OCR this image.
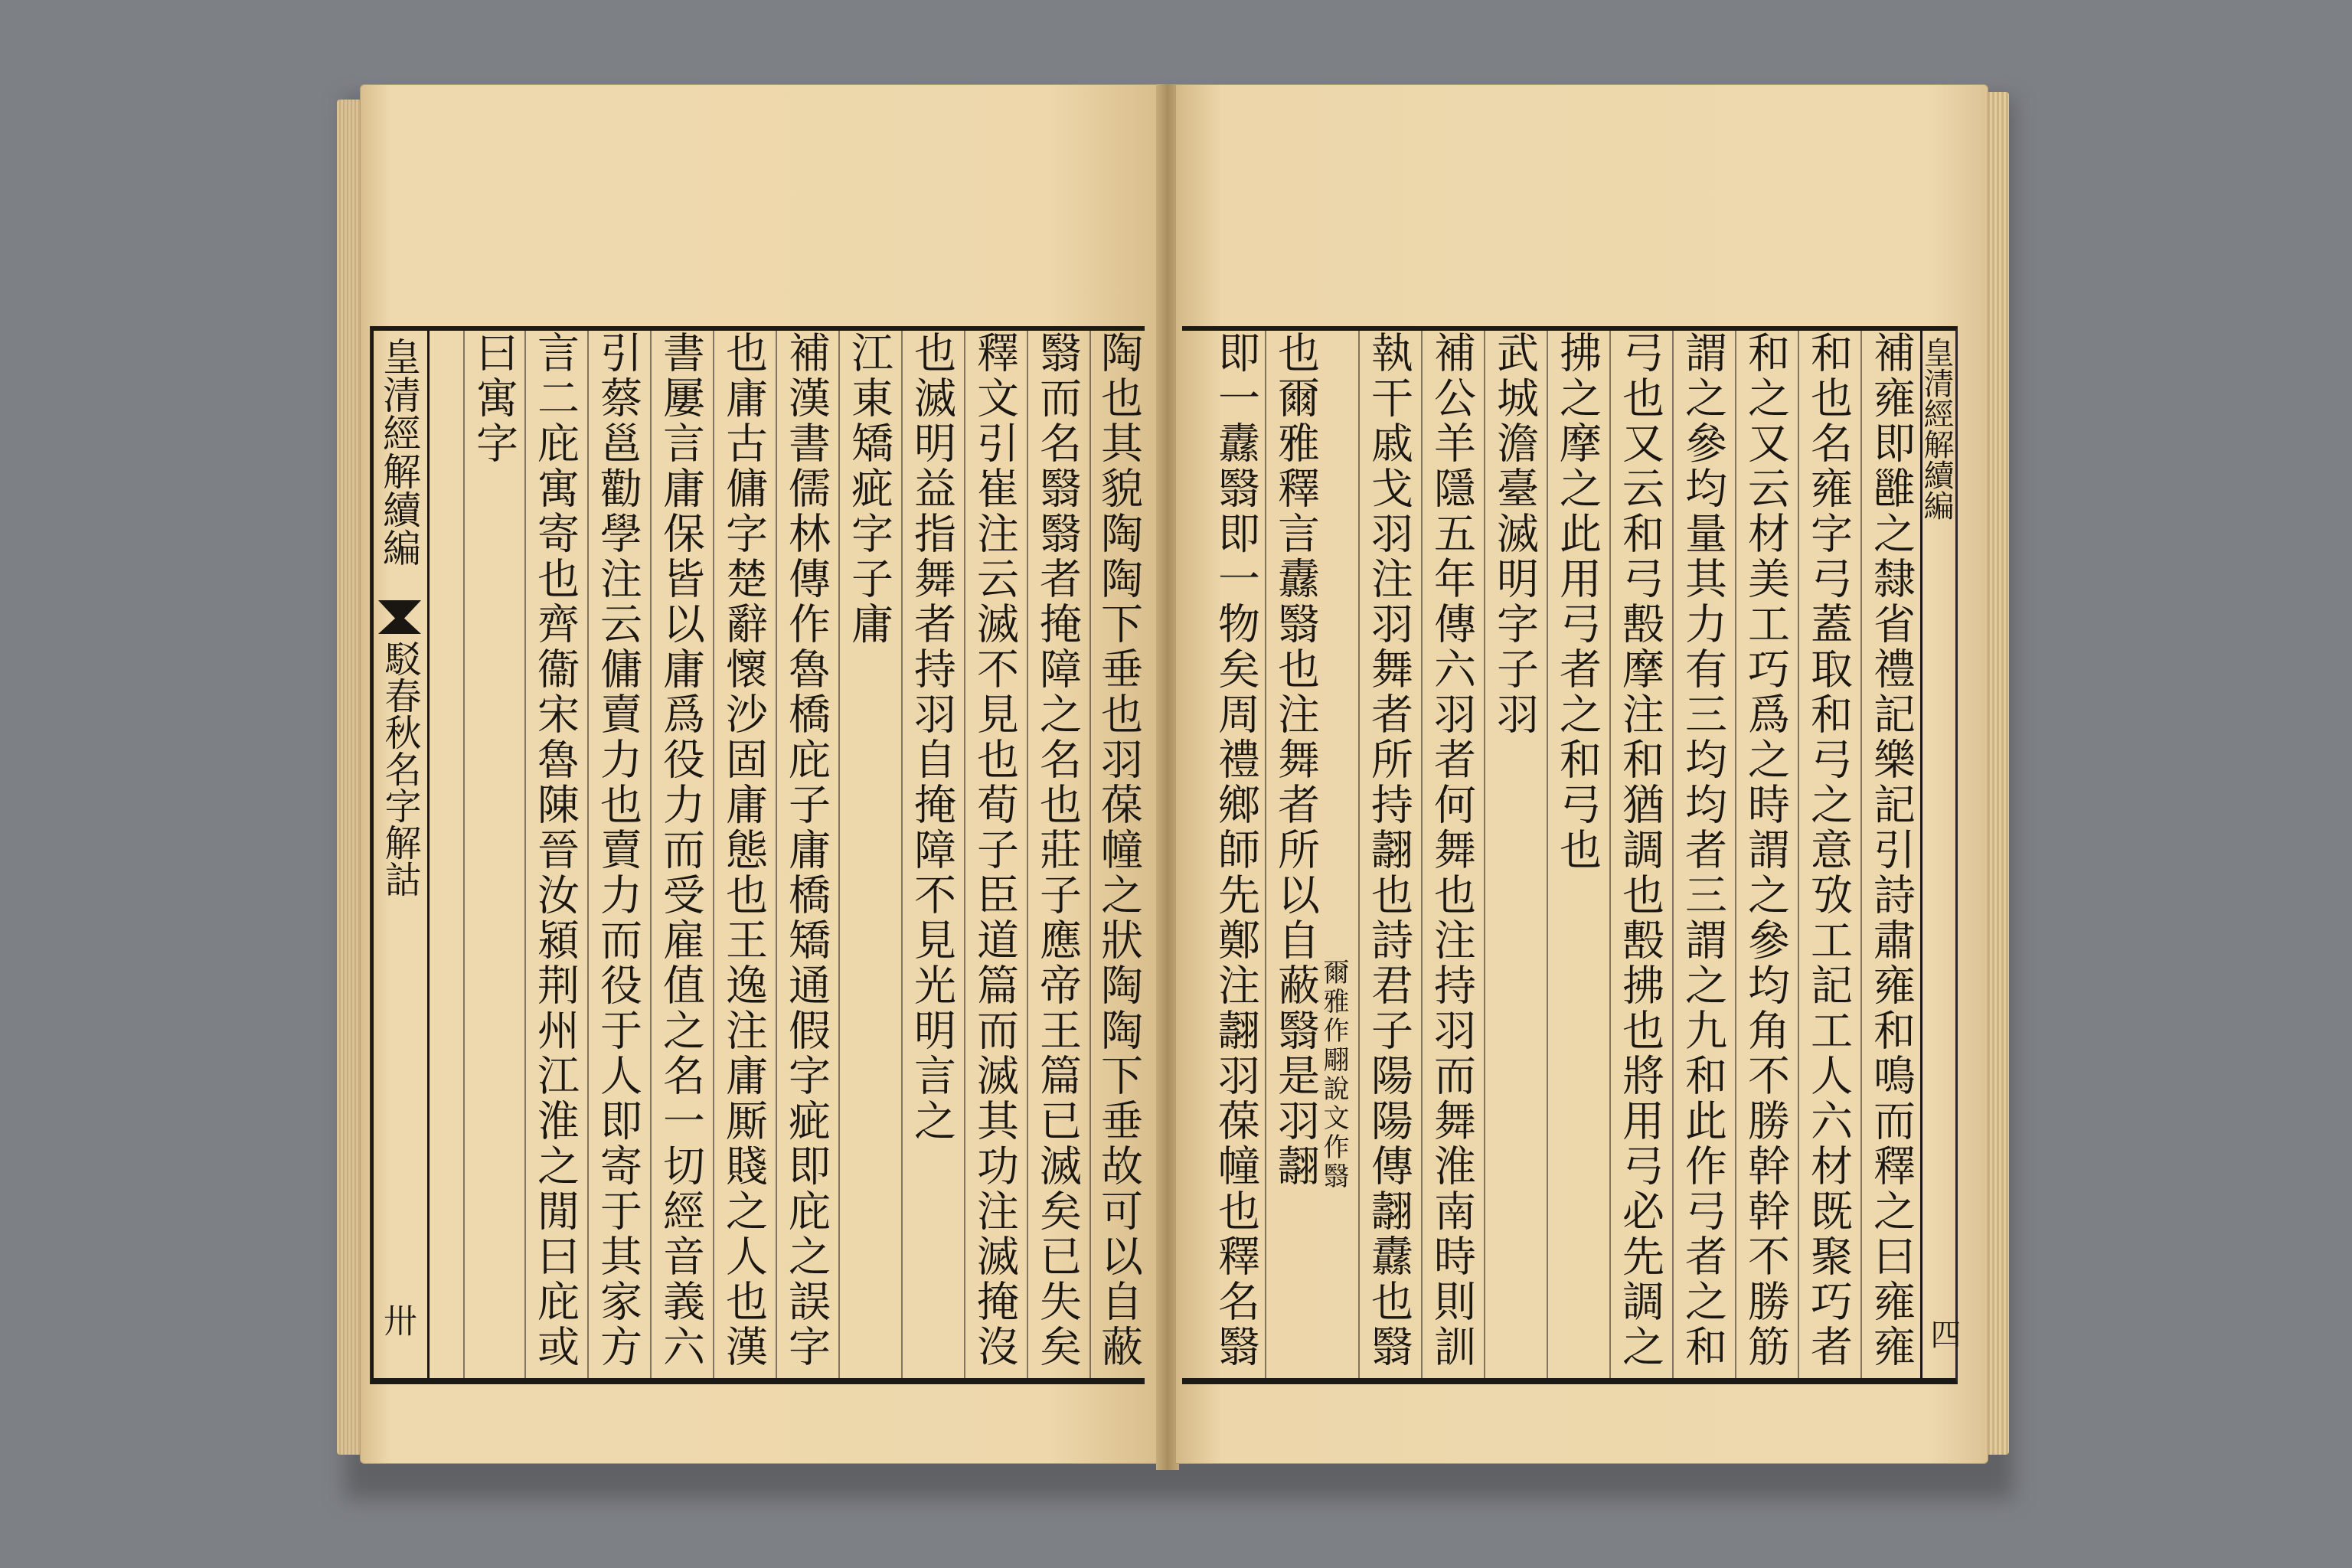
皇清經解續編
駁春秋名字解詁
卅
曰寓字 言二庇寓寄也齊衞宋魯陳晉汝潁荆州江淮之閒曰庇或 引蔡邕勸學注云傭賣力也賣力而役于人即寄于其家方 書屢言庸保皆以庸爲役力而受雇值之名一切經音義六 也庸古傭字楚辭懷沙固庸態也王逸注庸厮賤之人也漢 補漢書儒林傳作魯橋庇子庸橋矯通假字疵即庇之誤字 江東矯疵字子庸 也滅明益指舞者持羽自掩障不見光明言之 釋文引崔注云滅不見也荀子臣道篇而滅其功注滅掩沒 翳而名翳翳者掩障之名也莊子應帝王篇已滅矣已失矣 陶也其貌陶陶下垂也羽葆幢之狀陶陶下垂故可以自蔽 即一纛翳即一物矣周禮鄉師先鄭注翿羽葆幢也釋名翳 也爾雅釋言纛翳也注舞者所以自蔽翳是羽翿
爾雅作翢說文作翳 執干戚戈羽注羽舞者所持翿也詩君子陽陽傳翿纛也翳 補公羊隱五年傳六羽者何舞也注持羽而舞淮南時則訓 武城澹臺滅明字子羽 拂之摩之此用弓者之和弓也 弓也又云和弓毄摩注和猶調也毄拂也將用弓必先調之 謂之參均量其力有三均均者三謂之九和此作弓者之和 和之又云材美工巧爲之時謂之參均角不勝幹幹不勝筋 和也名雍字弓蓋取和弓之意攷工記工人六材既聚巧者 補雍即雝之隸省禮記樂記引詩肅雍和鳴而釋之曰雍雍 皇清經解續編
四
